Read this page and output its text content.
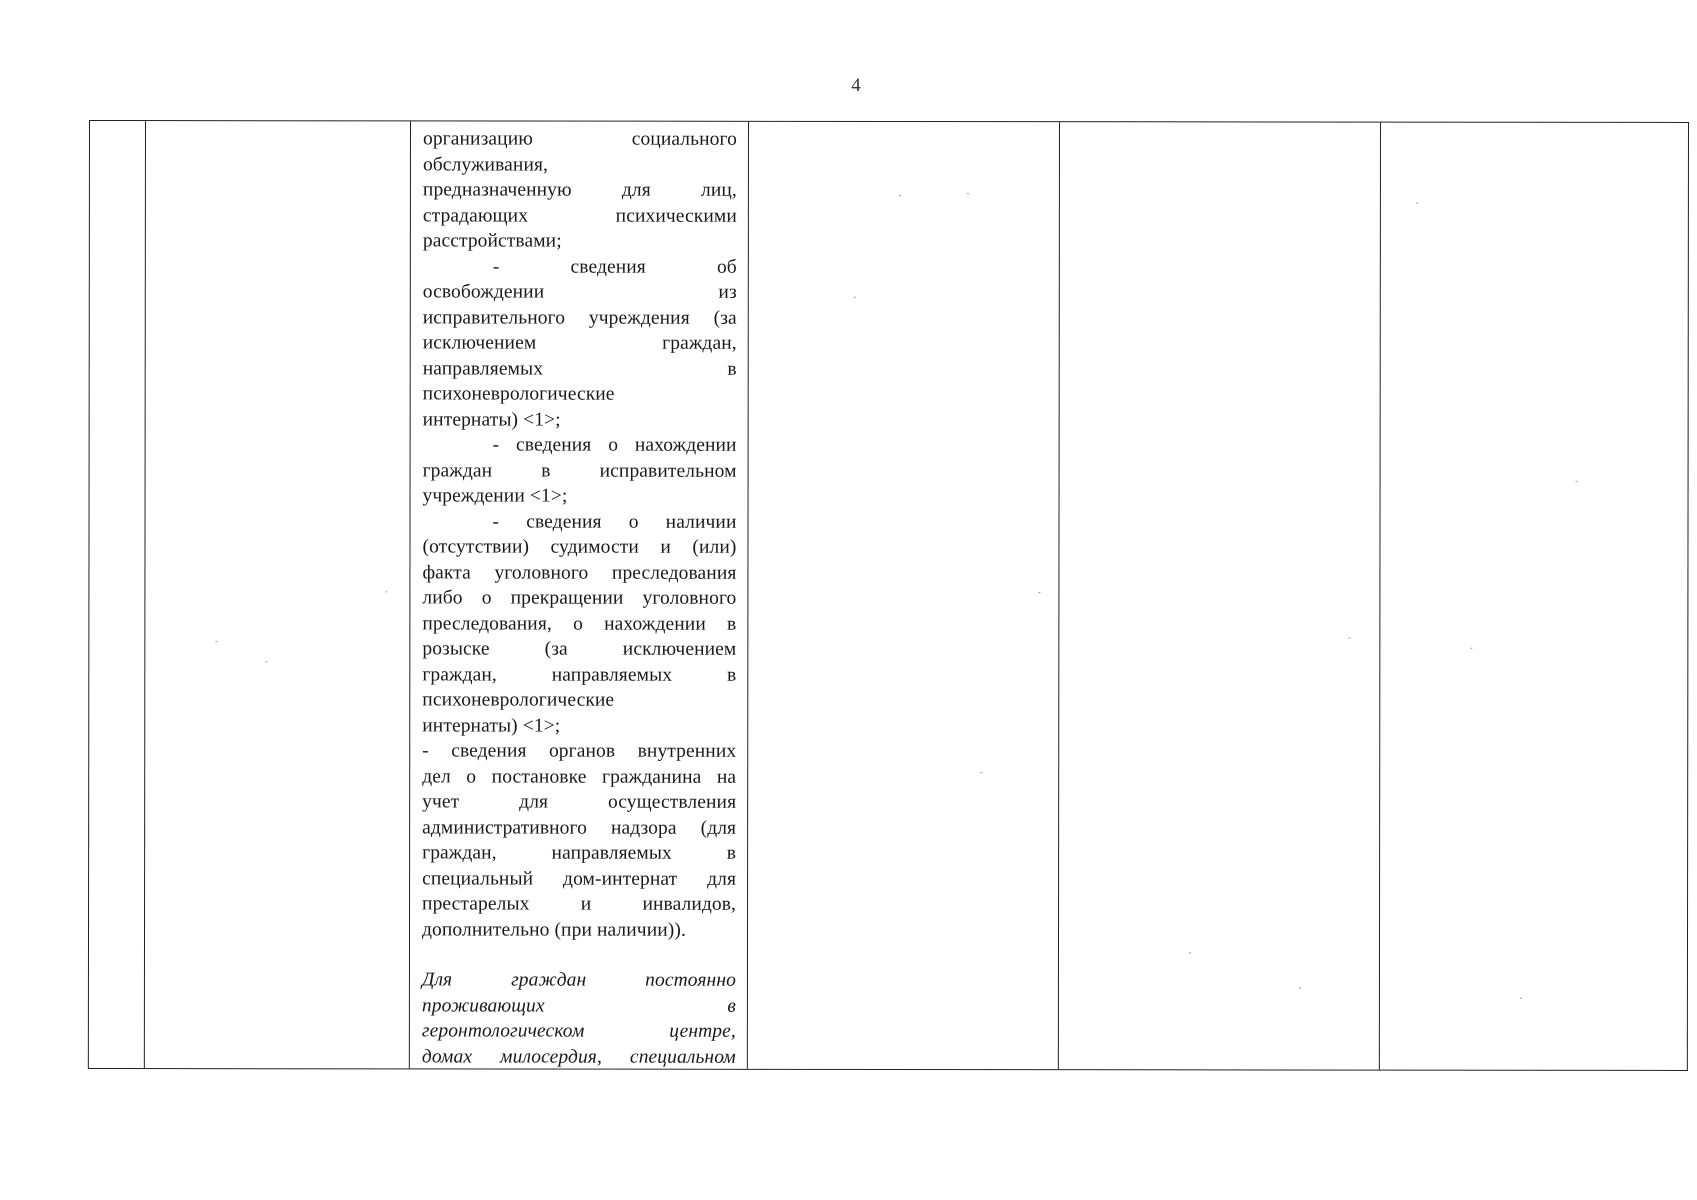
4
организацию социального
обслуживания,
предназначенную для лиц,
страдающих психическими
расстройствами;
- сведения об
освобождении из
исправительного учреждения (за
исключением граждан,
направляемых в
психоневрологические
интернаты) <1>;
- сведения о нахождении
граждан в исправительном
учреждении <1>;
- сведения о наличии
(отсутствии) судимости и (или)
факта уголовного преследования
либо о прекращении уголовного
преследования, о нахождении в
розыске (за исключением
граждан, направляемых в
психоневрологические
интернаты) <1>;
- сведения органов внутренних
дел о постановке гражданина на
учет для осуществления
административного надзора (для
граждан, направляемых в
специальный дом-интернат для
престарелых и инвалидов,
дополнительно (при наличии)).
Для граждан постоянно
проживающих в
геронтологическом центре,
домах милосердия, специальном
